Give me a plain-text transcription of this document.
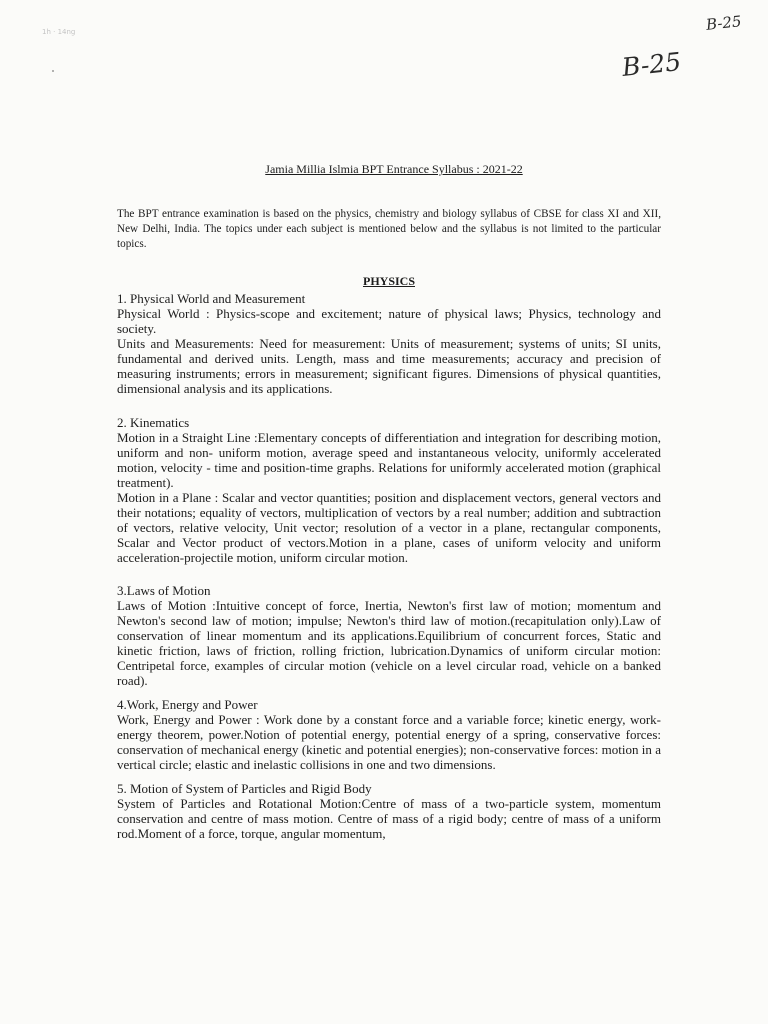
1h · 14ng	B-25
B-25
Jamia Millia Islmia BPT Entrance Syllabus : 2021-22

The BPT entrance examination is based on the physics, chemistry and biology syllabus of CBSE for class XI and XII, New Delhi, India. The topics under each subject is mentioned below and the syllabus is not limited to the particular topics.

PHYSICS
1. Physical World and Measurement

Physical World : Physics-scope and excitement; nature of physical laws; Physics, technology and society.

Units and Measurements: Need for measurement: Units of measurement; systems of units; SI units, fundamental and derived units. Length, mass and time measurements; accuracy and precision of measuring instruments; errors in measurement; significant figures. Dimensions of physical quantities, dimensional analysis and its applications.

2. Kinematics

Motion in a Straight Line :Elementary concepts of differentiation and integration for describing motion, uniform and non- uniform motion, average speed and instantaneous velocity, uniformly accelerated motion, velocity - time and position-time graphs. Relations for uniformly accelerated motion (graphical treatment).

Motion in a Plane : Scalar and vector quantities; position and displacement vectors, general vectors and their notations; equality of vectors, multiplication of vectors by a real number; addition and subtraction of vectors, relative velocity, Unit vector; resolution of a vector in a plane, rectangular components, Scalar and Vector product of vectors.Motion in a plane, cases of uniform velocity and uniform acceleration-projectile motion, uniform circular motion.

3.Laws of Motion

Laws of Motion :Intuitive concept of force, Inertia, Newton's first law of motion; momentum and Newton's second law of motion; impulse; Newton's third law of motion.(recapitulation only).Law of conservation of linear momentum and its applications.Equilibrium of concurrent forces, Static and kinetic friction, laws of friction, rolling friction, lubrication.Dynamics of uniform circular motion: Centripetal force, examples of circular motion (vehicle on a level circular road, vehicle on a banked road).

4.Work, Energy and Power

Work, Energy and Power : Work done by a constant force and a variable force; kinetic energy, work-energy theorem, power.Notion of potential energy, potential energy of a spring, conservative forces: conservation of mechanical energy (kinetic and potential energies); non-conservative forces: motion in a vertical circle; elastic and inelastic collisions in one and two dimensions.

5. Motion of System of Particles and Rigid Body

System of Particles and Rotational Motion:Centre of mass of a two-particle system, momentum conservation and centre of mass motion. Centre of mass of a rigid body; centre of mass of a uniform rod.Moment of a force, torque, angular momentum,
